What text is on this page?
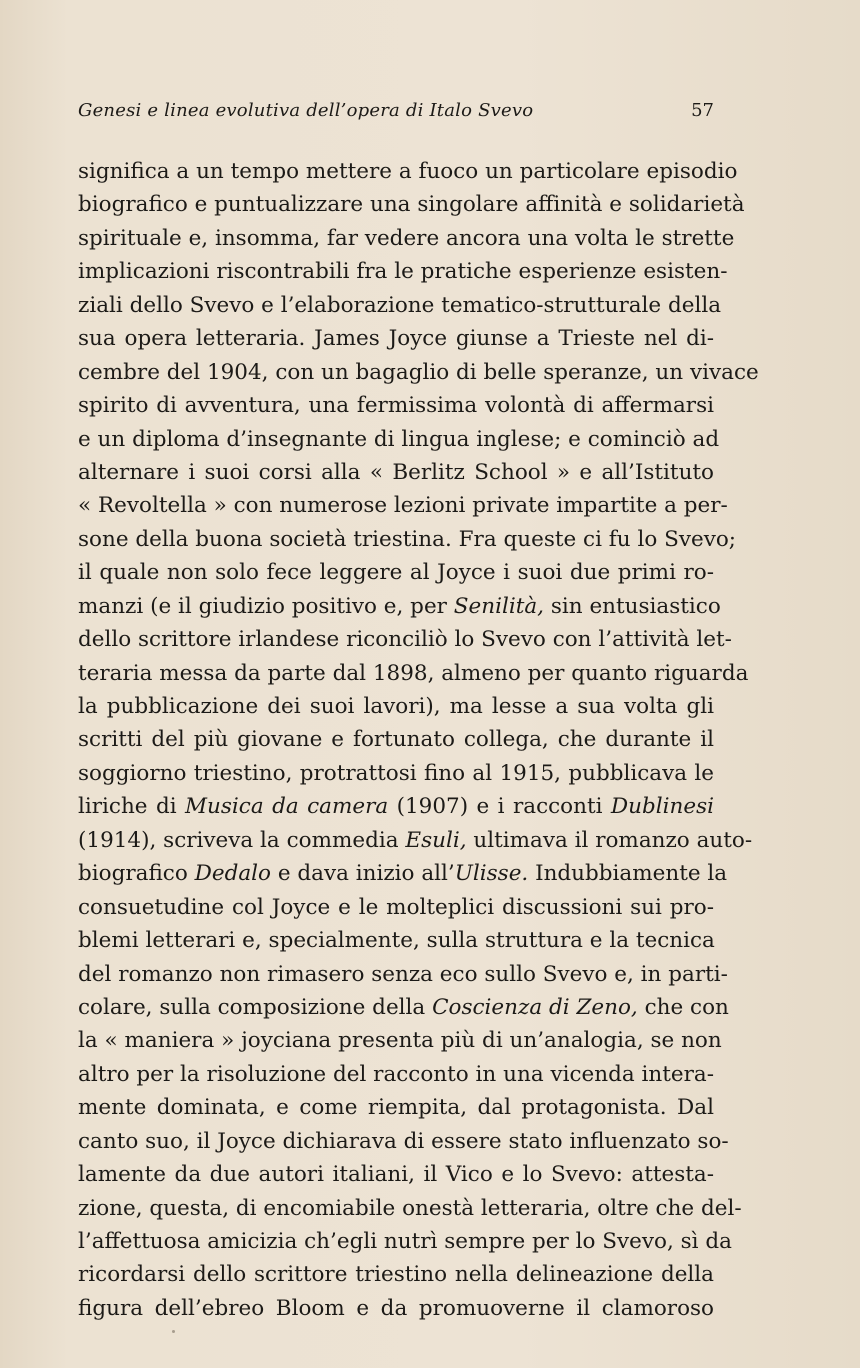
Genesi e linea evolutiva dell’opera di Italo Svevo	57
significa a un tempo mettere a fuoco un particolare episodio
biografico e puntualizzare una singolare affinità e solidarietà
spirituale e, insomma, far vedere ancora una volta le strette
implicazioni riscontrabili fra le pratiche esperienze esisten-
ziali dello Svevo e l’elaborazione tematico-strutturale della
sua opera letteraria. James Joyce giunse a Trieste nel di-
cembre del 1904, con un bagaglio di belle speranze, un vivace
spirito di avventura, una fermissima volontà di affermarsi
e un diploma d’insegnante di lingua inglese; e cominciò ad
alternare i suoi corsi alla « Berlitz School » e all’Istituto
« Revoltella » con numerose lezioni private impartite a per-
sone della buona società triestina. Fra queste ci fu lo Svevo;
il quale non solo fece leggere al Joyce i suoi due primi ro-
manzi (e il giudizio positivo e, per Senilità, sin entusiastico
dello scrittore irlandese riconciliò lo Svevo con l’attività let-
teraria messa da parte dal 1898, almeno per quanto riguarda
la pubblicazione dei suoi lavori), ma lesse a sua volta gli
scritti del più giovane e fortunato collega, che durante il
soggiorno triestino, protrattosi fino al 1915, pubblicava le
liriche di Musica da camera (1907) e i racconti Dublinesi
(1914), scriveva la commedia Esuli, ultimava il romanzo auto-
biografico Dedalo e dava inizio all’Ulisse. Indubbiamente la
consuetudine col Joyce e le molteplici discussioni sui pro-
blemi letterari e, specialmente, sulla struttura e la tecnica
del romanzo non rimasero senza eco sullo Svevo e, in parti-
colare, sulla composizione della Coscienza di Zeno, che con
la « maniera » joyciana presenta più di un’analogia, se non
altro per la risoluzione del racconto in una vicenda intera-
mente dominata, e come riempita, dal protagonista. Dal
canto suo, il Joyce dichiarava di essere stato influenzato so-
lamente da due autori italiani, il Vico e lo Svevo: attesta-
zione, questa, di encomiabile onestà letteraria, oltre che del-
l’affettuosa amicizia ch’egli nutrì sempre per lo Svevo, sì da
ricordarsi dello scrittore triestino nella delineazione della
figura dell’ebreo Bloom e da promuoverne il clamoroso
